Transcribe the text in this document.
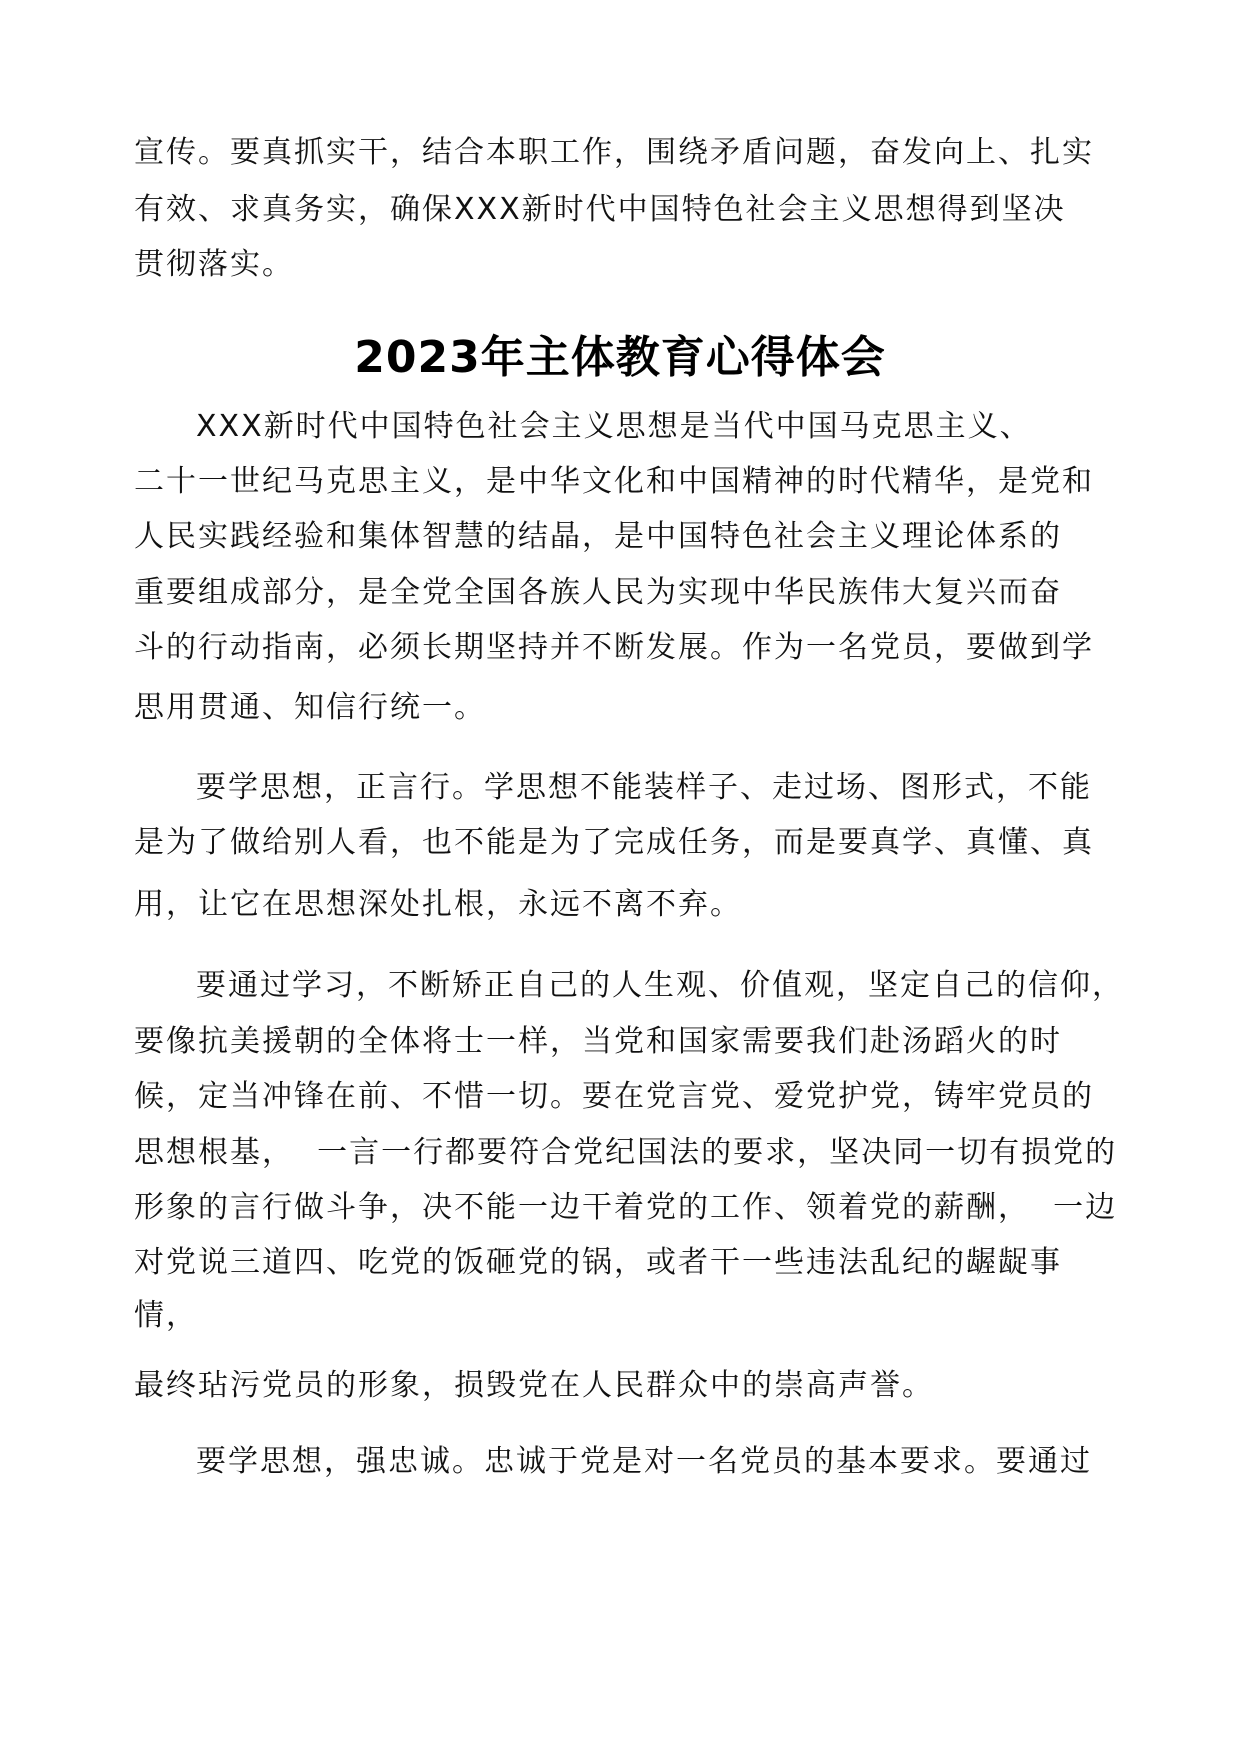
宣传。要真抓实干，结合本职工作，围绕矛盾问题，奋发向上、扎实
有效、求真务实，确保XXX新时代中国特色社会主义思想得到坚决
贯彻落实。
2023年主体教育心得体会
XXX新时代中国特色社会主义思想是当代中国马克思主义、
二十一世纪马克思主义，是中华文化和中国精神的时代精华，是党和
人民实践经验和集体智慧的结晶，是中国特色社会主义理论体系的
重要组成部分，是全党全国各族人民为实现中华民族伟大复兴而奋
斗的行动指南，必须长期坚持并不断发展。作为一名党员，要做到学
思用贯通、知信行统一。
要学思想，正言行。学思想不能装样子、走过场、图形式，不能
是为了做给别人看，也不能是为了完成任务，而是要真学、真懂、真
用，让它在思想深处扎根，永远不离不弃。
要通过学习，不断矫正自己的人生观、价值观，坚定自己的信仰，
要像抗美援朝的全体将士一样，当党和国家需要我们赴汤蹈火的时
候，定当冲锋在前、不惜一切。要在党言党、爱党护党，铸牢党员的
思想根基，  一言一行都要符合党纪国法的要求，坚决同一切有损党的
形象的言行做斗争，决不能一边干着党的工作、领着党的薪酬，  一边
对党说三道四、吃党的饭砸党的锅，或者干一些违法乱纪的龌龊事
情，
最终玷污党员的形象，损毁党在人民群众中的崇高声誉。
要学思想，强忠诚。忠诚于党是对一名党员的基本要求。要通过
